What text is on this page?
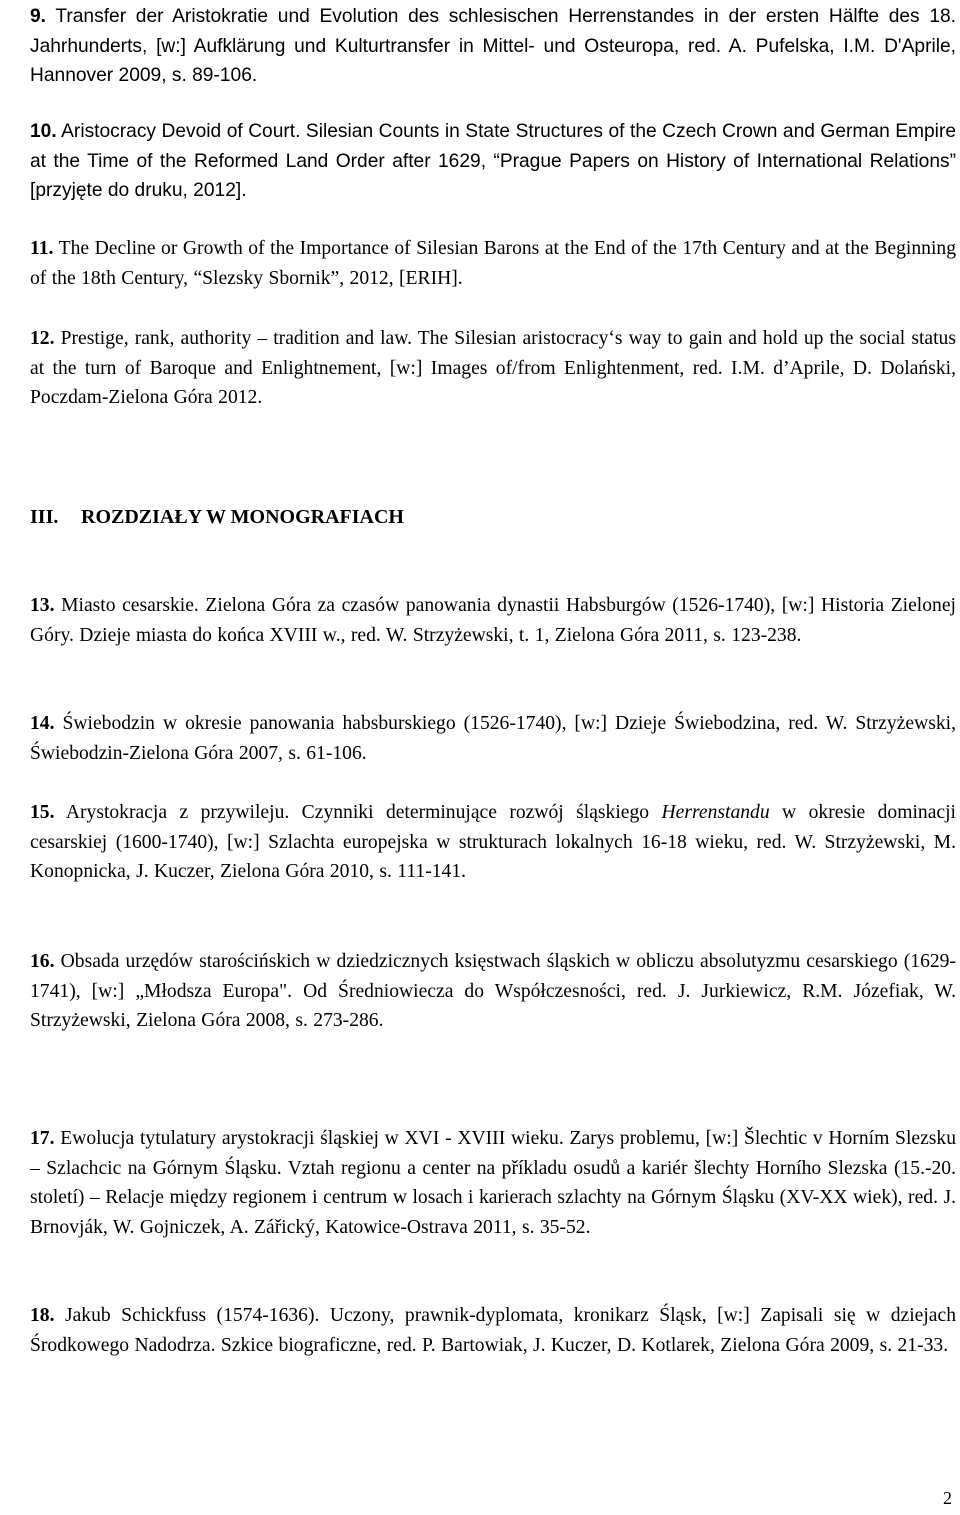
9. Transfer der Aristokratie und Evolution des schlesischen Herrenstandes in der ersten Hälfte des 18. Jahrhunderts, [w:] Aufklärung und Kulturtransfer in Mittel- und Osteuropa, red. A. Pufelska, I.M. D'Aprile, Hannover 2009, s. 89-106.
10. Aristocracy Devoid of Court. Silesian Counts in State Structures of the Czech Crown and German Empire at the Time of the Reformed Land Order after 1629, “Prague Papers on History of International Relations” [przyjęte do druku, 2012].
11. The Decline or Growth of the Importance of Silesian Barons at the End of the 17th Century and at the Beginning of the 18th Century, “Slezsky Sbornik”, 2012, [ERIH].
12. Prestige, rank, authority – tradition and law. The Silesian aristocracy‘s way to gain and hold up the social status at the turn of Baroque and Enlightnement, [w:] Images of/from Enlightenment, red. I.M. d’Aprile, D. Dolański, Poczdam-Zielona Góra 2012.
III. ROZDZIAŁY W MONOGRAFIACH
13. Miasto cesarskie. Zielona Góra za czasów panowania dynastii Habsburgów (1526-1740), [w:] Historia Zielonej Góry. Dzieje miasta do końca XVIII w., red. W. Strzyżewski, t. 1, Zielona Góra 2011, s. 123-238.
14. Świebodzin w okresie panowania habsburskiego (1526-1740), [w:] Dzieje Świebodzina, red. W. Strzyżewski, Świebodzin-Zielona Góra 2007, s. 61-106.
15. Arystokracja z przywileju. Czynniki determinujące rozwój śląskiego Herrenstandu w okresie dominacji cesarskiej (1600-1740), [w:] Szlachta europejska w strukturach lokalnych 16-18 wieku, red. W. Strzyżewski, M. Konopnicka, J. Kuczer, Zielona Góra 2010, s. 111-141.
16. Obsada urzędów starościńskich w dziedzicznych księstwach śląskich w obliczu absolutyzmu cesarskiego (1629-1741), [w:] „Młodsza Europa". Od Średniowiecza do Współczesności, red. J. Jurkiewicz, R.M. Józefiak, W. Strzyżewski, Zielona Góra 2008, s. 273-286.
17. Ewolucja tytulatury arystokracji śląskiej w XVI - XVIII wieku. Zarys problemu, [w:] Šlechtic v Horním Slezsku – Szlachcic na Górnym Śląsku. Vztah regionu a center na příkladu osudů a kariér šlechty Horního Slezska (15.-20. století) – Relacje między regionem i centrum w losach i karierach szlachty na Górnym Śląsku (XV-XX wiek), red. J. Brnovják, W. Gojniczek, A. Zářický, Katowice-Ostrava 2011, s. 35-52.
18. Jakub Schickfuss (1574-1636). Uczony, prawnik-dyplomata, kronikarz Śląsk, [w:] Zapisali się w dziejach Środkowego Nadodrza. Szkice biograficzne, red. P. Bartowiak, J. Kuczer, D. Kotlarek, Zielona Góra 2009, s. 21-33.
2
